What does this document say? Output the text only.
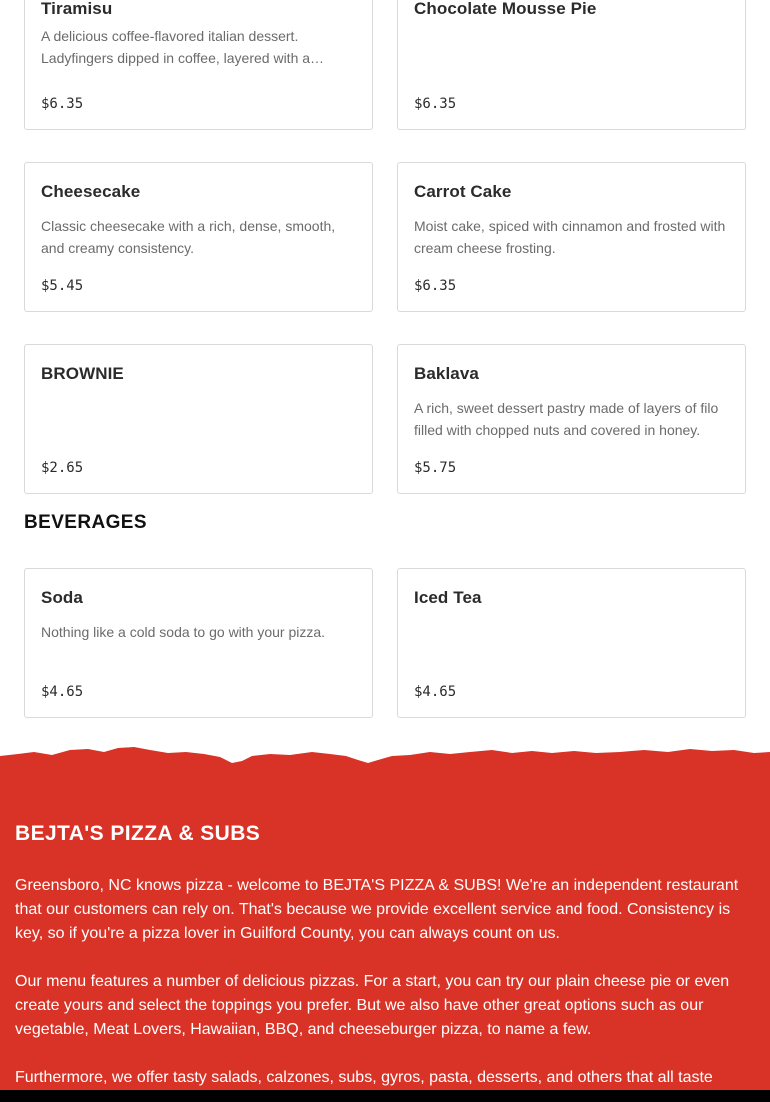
Tiramisu

A delicious coffee-flavored italian dessert. Ladyfingers dipped in coffee, layered with a

$6.35

Chocolate Mousse Pie

$6.35

Cheesecake

Classic cheesecake with a rich, dense, smooth, and creamy consistency.

$5.45

Carrot Cake

Moist cake, spiced with cinnamon and frosted with cream cheese frosting.

$6.35

BROWNIE

$2.65

Baklava

A rich, sweet dessert pastry made of layers of filo filled with chopped nuts and covered in honey.

$5.75

BEVERAGES
Soda

Nothing like a cold soda to go with your pizza.

$4.65

Iced Tea

$4.65

BEJTA'S PIZZA & SUBS

Greensboro, NC knows pizza - welcome to BEJTA'S PIZZA & SUBS! We're an independent restaurant that our customers can rely on. That's because we provide excellent service and food. Consistency is key, so if you're a pizza lover in Guilford County, you can always count on us.

Our menu features a number of delicious pizzas. For a start, you can try our plain cheese pie or even create yours and select the toppings you prefer. But we also have other great options such as our vegetable, Meat Lovers, Hawaiian, BBQ, and cheeseburger pizza, to name a few.

Furthermore, we offer tasty salads, calzones, subs, gyros, pasta, desserts, and others that all taste
